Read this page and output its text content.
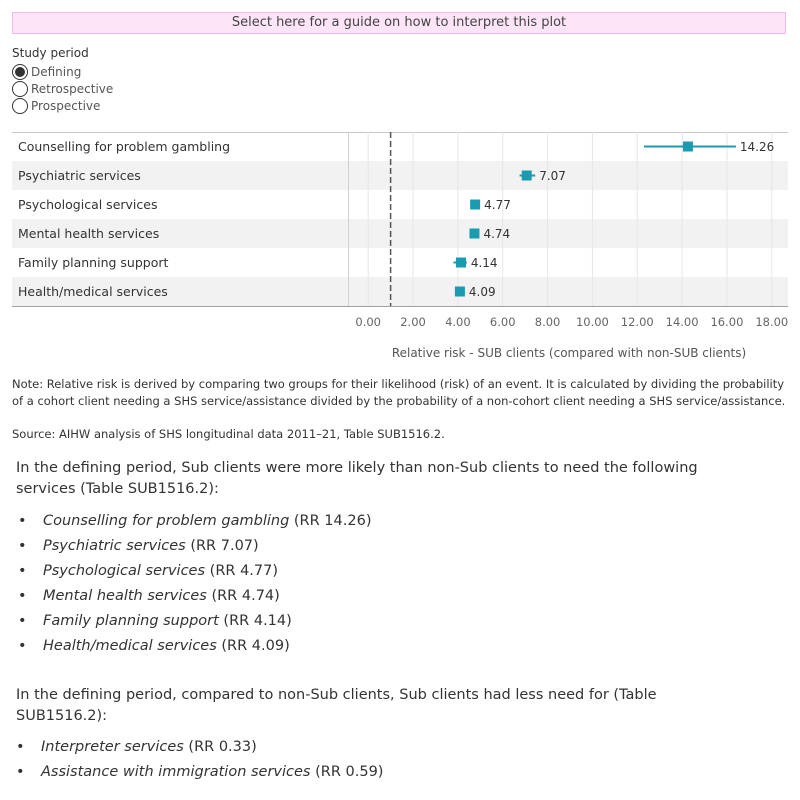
Select here for a guide on how to interpret this plot
Study period
Defining
Retrospective
Prospective
Counselling for problem gambling	14.26
Psychiatric services	7.07
Psychological services	4.77
Mental health services	4.74
Family planning support	4.14
Health/medical services	4.09
0.00 2.00 4.00 6.00 8.00 10.00 12.00 14.00 16.00 18.00
Relative risk - SUB clients (compared with non-SUB clients)
Note: Relative risk is derived by comparing two groups for their likelihood (risk) of an event. It is calculated by dividing the probability of a cohort client needing a SHS service/assistance divided by the probability of a non-cohort client needing a SHS service/assistance.
Source: AIHW analysis of SHS longitudinal data 2011–21, Table SUB1516.2.
In the defining period, Sub clients were more likely than non-Sub clients to need the following services (Table SUB1516.2):
• Counselling for problem gambling (RR 14.26)
• Psychiatric services (RR 7.07)
• Psychological services (RR 4.77)
• Mental health services (RR 4.74)
• Family planning support (RR 4.14)
• Health/medical services (RR 4.09)
In the defining period, compared to non-Sub clients, Sub clients had less need for (Table SUB1516.2):
• Interpreter services (RR 0.33)
• Assistance with immigration services (RR 0.59)
